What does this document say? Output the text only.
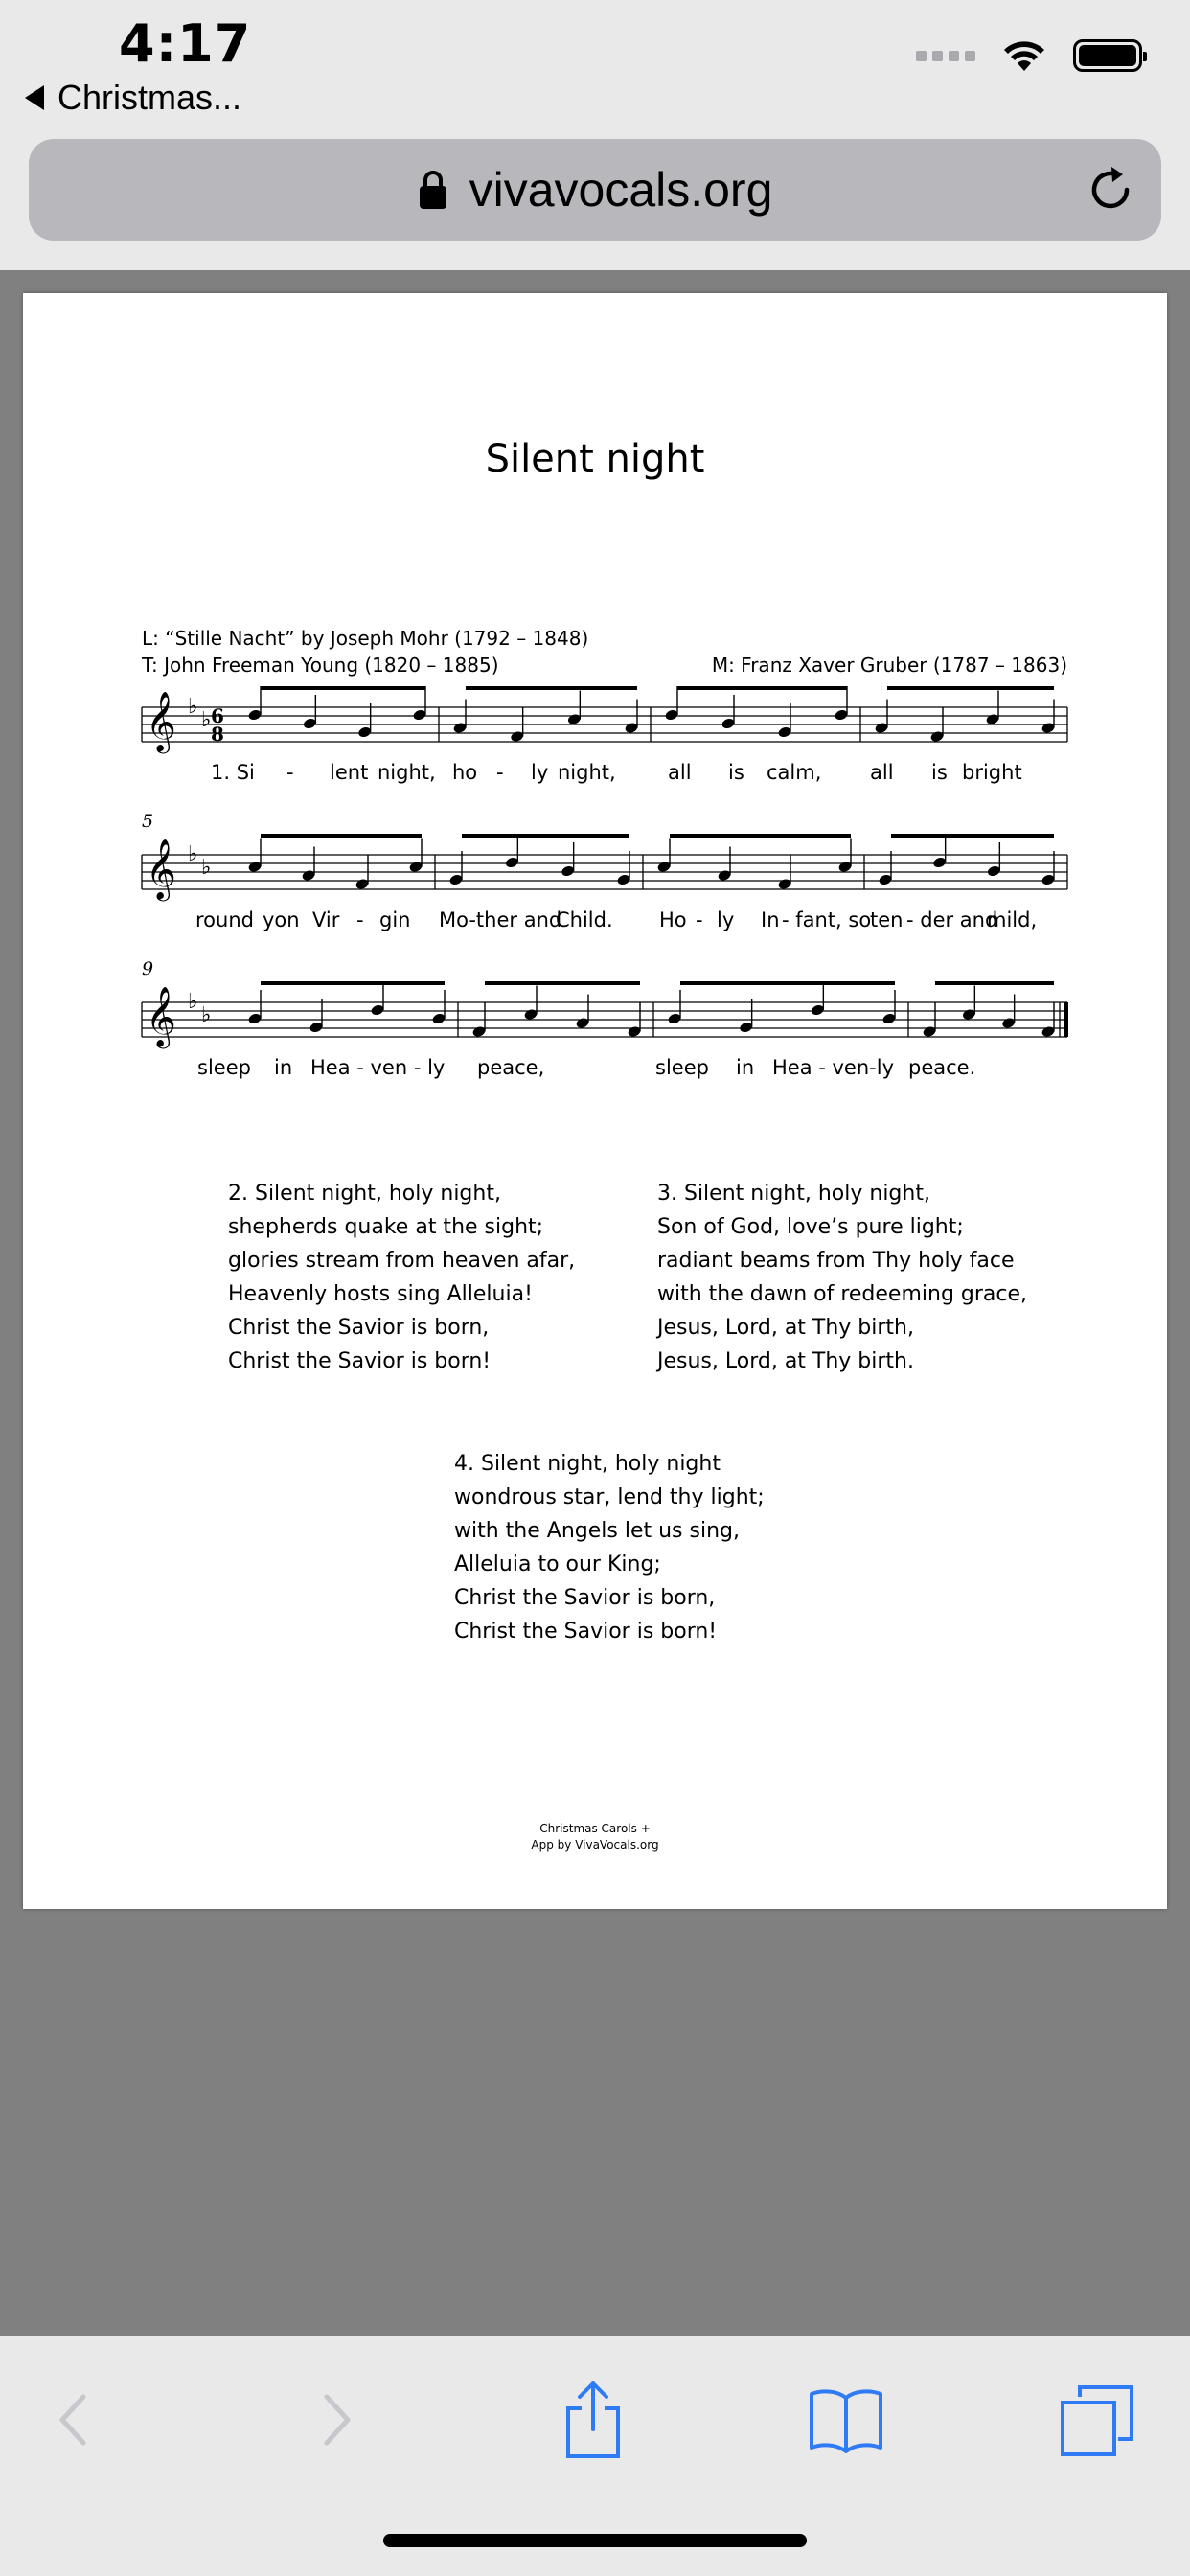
4:17
Christmas...
vivavocals.org
Silent night
L: “Stille Nacht” by Joseph Mohr (1792 – 1848)
T: John Freeman Young (1820 – 1885)	M: Franz Xaver Gruber (1787 – 1863)
𝄞 ♭
♭ 6
8
𝄞 ♭
♭
𝄞 ♭
♭
5
9
1. Si - lent night, ho - ly night,	all is calm, all is bright
round yon Vir - gin Mo-ther and
Child. Ho - ly In - fant, so
ten - der and
mild,
sleep in Hea - ven - ly peace,	sleep in Hea - ven-ly peace.
2. Silent night, holy night,
shepherds quake at the sight;
glories stream from heaven afar,
Heavenly hosts sing Alleluia!
Christ the Savior is born,
Christ the Savior is born!
3. Silent night, holy night,
Son of God, love’s pure light;
radiant beams from Thy holy face
with the dawn of redeeming grace,
Jesus, Lord, at Thy birth,
Jesus, Lord, at Thy birth.
4. Silent night, holy night
wondrous star, lend thy light;
with the Angels let us sing,
Alleluia to our King;
Christ the Savior is born,
Christ the Savior is born!
Christmas Carols +
App by VivaVocals.org
